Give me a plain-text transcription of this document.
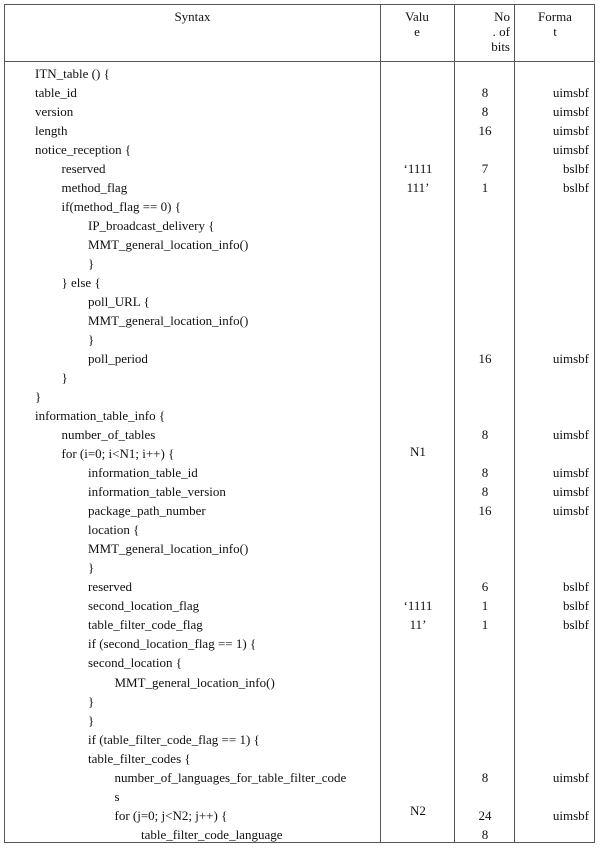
Syntax	Valu
e
No
. of
bits
Forma
t
ITN_table () {
table_id	8	uimsbf
version	8	uimsbf
length	16	uimsbf
notice_reception {	uimsbf
reserved	‘1111	7	bslbf
method_flag	111’	1	bslbf
if(method_flag == 0) {
IP_broadcast_delivery {
MMT_general_location_info()
}
} else {
poll_URL {
MMT_general_location_info()
}
poll_period	16	uimsbf
}
}
information_table_info {
number_of_tables	8	uimsbf
for (i=0; i<N1; i++) {	N1
information_table_id	8	uimsbf
information_table_version	8	uimsbf
package_path_number	16	uimsbf
location {
MMT_general_location_info()
}
reserved	6	bslbf
second_location_flag	‘1111	1	bslbf
table_filter_code_flag	11’	1	bslbf
if (second_location_flag == 1) {
second_location {
MMT_general_location_info()
}
}
if (table_filter_code_flag == 1) {
table_filter_codes {
number_of_languages_for_table_filter_code	8	uimsbf
s
for (j=0; j<N2; j++) {	N2	24	uimsbf
table_filter_code_language	8
